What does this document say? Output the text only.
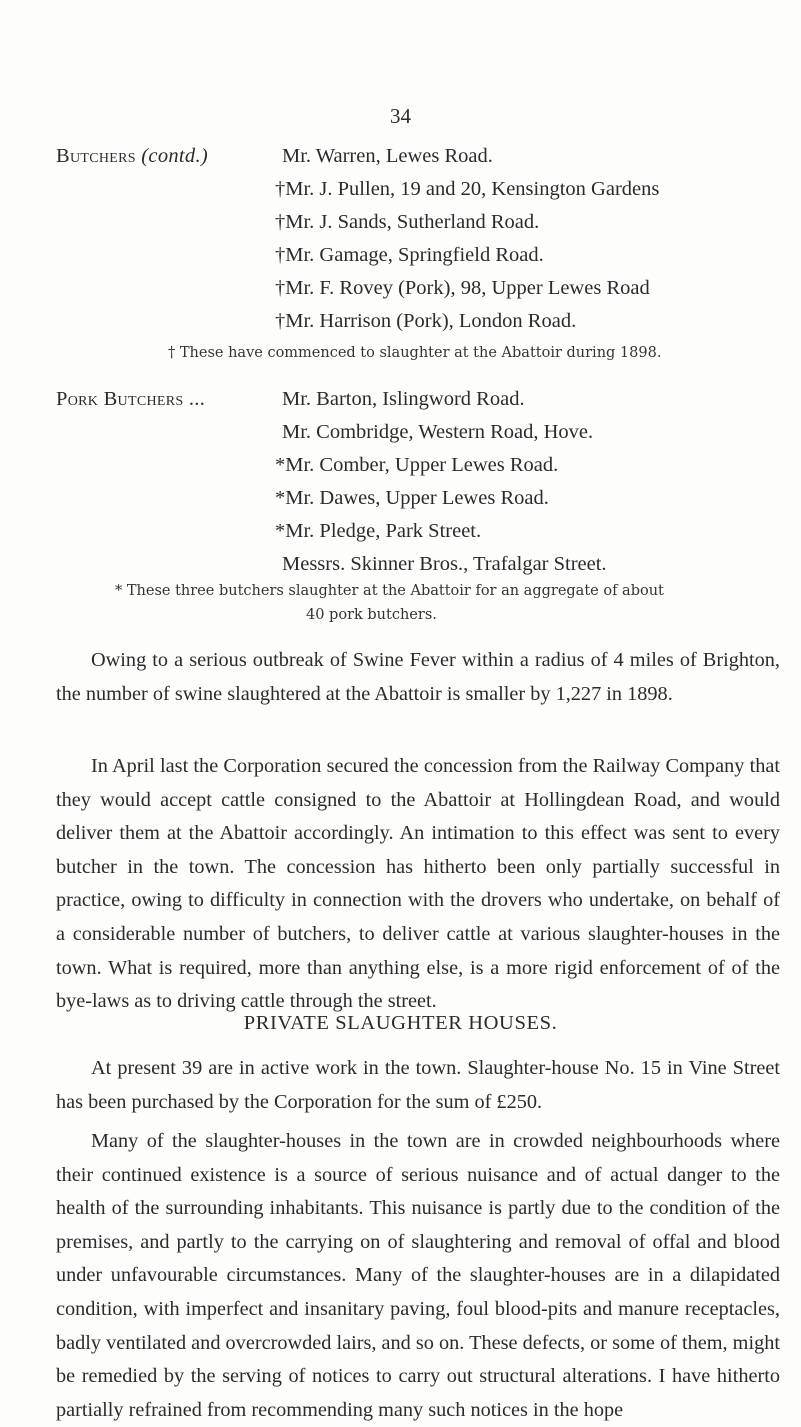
34
Butchers (contd.)	Mr. Warren, Lewes Road.
†Mr. J. Pullen, 19 and 20, Kensington Gardens
†Mr. J. Sands, Sutherland Road.
†Mr. Gamage, Springfield Road.
†Mr. F. Rovey (Pork), 98, Upper Lewes Road
†Mr. Harrison (Pork), London Road.
† These have commenced to slaughter at the Abattoir during 1898.
Pork Butchers ...	Mr. Barton, Islingword Road.
Mr. Combridge, Western Road, Hove.
*Mr. Comber, Upper Lewes Road.
*Mr. Dawes, Upper Lewes Road.
*Mr. Pledge, Park Street.
Messrs. Skinner Bros., Trafalgar Street.
* These three butchers slaughter at the Abattoir for an aggregate of about
40 pork butchers.

Owing to a serious outbreak of Swine Fever within a radius of 4 miles of Brighton, the number of swine slaughtered at the Abattoir is smaller by 1,227 in 1898.

In April last the Corporation secured the concession from the Railway Company that they would accept cattle consigned to the Abattoir at Hollingdean Road, and would deliver them at the Abattoir accordingly. An intimation to this effect was sent to every butcher in the town. The concession has hitherto been only partially successful in practice, owing to difficulty in connection with the drovers who undertake, on behalf of a considerable number of butchers, to deliver cattle at various slaughter-houses in the town. What is required, more than anything else, is a more rigid enforcement of of the bye-laws as to driving cattle through the street.

PRIVATE SLAUGHTER HOUSES.

At present 39 are in active work in the town. Slaughter-house No. 15 in Vine Street has been purchased by the Corporation for the sum of £250.

Many of the slaughter-houses in the town are in crowded neighbourhoods where their continued existence is a source of serious nuisance and of actual danger to the health of the surrounding inhabitants. This nuisance is partly due to the condition of the premises, and partly to the carrying on of slaughtering and removal of offal and blood under unfavourable circumstances. Many of the slaughter-houses are in a dilapidated condition, with imperfect and insanitary paving, foul blood-pits and manure receptacles, badly ventilated and overcrowded lairs, and so on. These defects, or some of them, might be remedied by the serving of notices to carry out structural alterations. I have hitherto partially refrained from recommending many such notices in the hope
